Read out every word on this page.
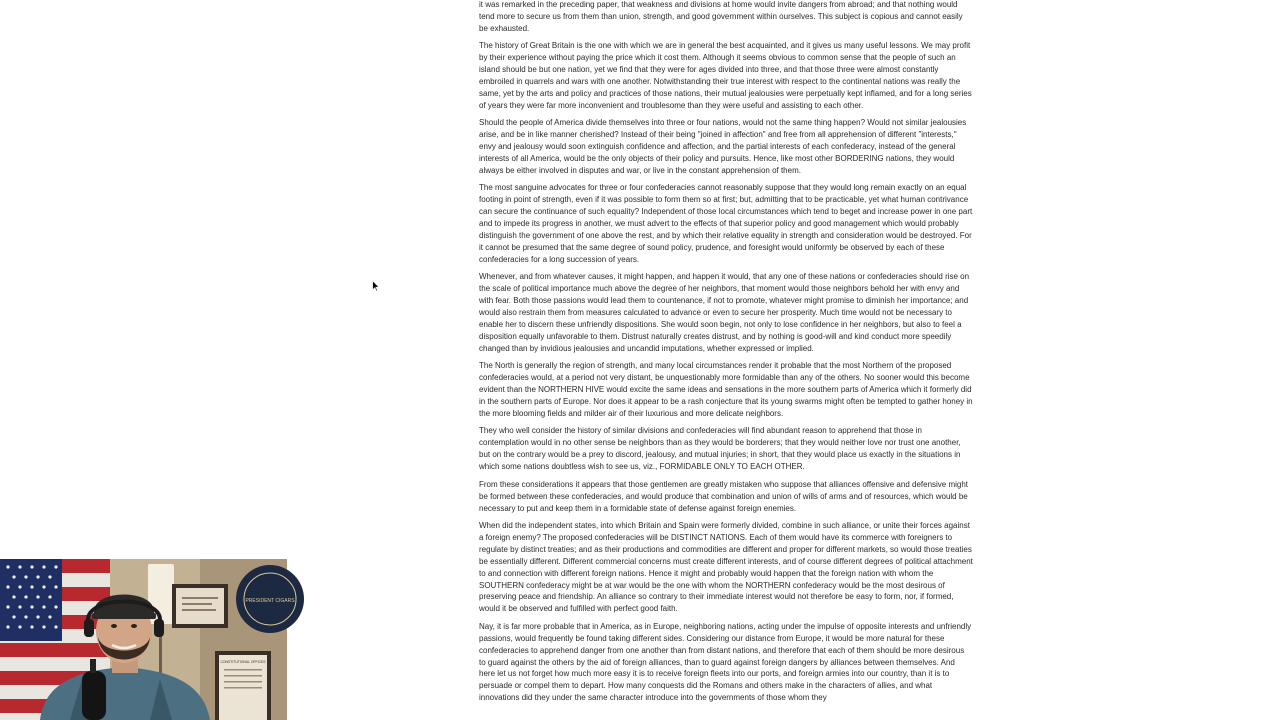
it was remarked in the preceding paper, that weakness and divisions at home would invite dangers from abroad; and that nothing would tend more to secure us from them than union, strength, and good government within ourselves. This subject is copious and cannot easily be exhausted.

The history of Great Britain is the one with which we are in general the best acquainted, and it gives us many useful lessons. We may profit by their experience without paying the price which it cost them. Although it seems obvious to common sense that the people of such an island should be but one nation, yet we find that they were for ages divided into three, and that those three were almost constantly embroiled in quarrels and wars with one another. Notwithstanding their true interest with respect to the continental nations was really the same, yet by the arts and policy and practices of those nations, their mutual jealousies were perpetually kept inflamed, and for a long series of years they were far more inconvenient and troublesome than they were useful and assisting to each other.

Should the people of America divide themselves into three or four nations, would not the same thing happen? Would not similar jealousies arise, and be in like manner cherished? Instead of their being "joined in affection" and free from all apprehension of different "interests," envy and jealousy would soon extinguish confidence and affection, and the partial interests of each confederacy, instead of the general interests of all America, would be the only objects of their policy and pursuits. Hence, like most other BORDERING nations, they would always be either involved in disputes and war, or live in the constant apprehension of them.

The most sanguine advocates for three or four confederacies cannot reasonably suppose that they would long remain exactly on an equal footing in point of strength, even if it was possible to form them so at first; but, admitting that to be practicable, yet what human contrivance can secure the continuance of such equality? Independent of those local circumstances which tend to beget and increase power in one part and to impede its progress in another, we must advert to the effects of that superior policy and good management which would probably distinguish the government of one above the rest, and by which their relative equality in strength and consideration would be destroyed. For it cannot be presumed that the same degree of sound policy, prudence, and foresight would uniformly be observed by each of these confederacies for a long succession of years.

Whenever, and from whatever causes, it might happen, and happen it would, that any one of these nations or confederacies should rise on the scale of political importance much above the degree of her neighbors, that moment would those neighbors behold her with envy and with fear. Both those passions would lead them to countenance, if not to promote, whatever might promise to diminish her importance; and would also restrain them from measures calculated to advance or even to secure her prosperity. Much time would not be necessary to enable her to discern these unfriendly dispositions. She would soon begin, not only to lose confidence in her neighbors, but also to feel a disposition equally unfavorable to them. Distrust naturally creates distrust, and by nothing is good-will and kind conduct more speedily changed than by invidious jealousies and uncandid imputations, whether expressed or implied.

The North is generally the region of strength, and many local circumstances render it probable that the most Northern of the proposed confederacies would, at a period not very distant, be unquestionably more formidable than any of the others. No sooner would this become evident than the NORTHERN HIVE would excite the same ideas and sensations in the more southern parts of America which it formerly did in the southern parts of Europe. Nor does it appear to be a rash conjecture that its young swarms might often be tempted to gather honey in the more blooming fields and milder air of their luxurious and more delicate neighbors.

They who well consider the history of similar divisions and confederacies will find abundant reason to apprehend that those in contemplation would in no other sense be neighbors than as they would be borderers; that they would neither love nor trust one another, but on the contrary would be a prey to discord, jealousy, and mutual injuries; in short, that they would place us exactly in the situations in which some nations doubtless wish to see us, viz., FORMIDABLE ONLY TO EACH OTHER.

From these considerations it appears that those gentlemen are greatly mistaken who suppose that alliances offensive and defensive might be formed between these confederacies, and would produce that combination and union of wills of arms and of resources, which would be necessary to put and keep them in a formidable state of defense against foreign enemies.

When did the independent states, into which Britain and Spain were formerly divided, combine in such alliance, or unite their forces against a foreign enemy? The proposed confederacies will be DISTINCT NATIONS. Each of them would have its commerce with foreigners to regulate by distinct treaties; and as their productions and commodities are different and proper for different markets, so would those treaties be essentially different. Different commercial concerns must create different interests, and of course different degrees of political attachment to and connection with different foreign nations. Hence it might and probably would happen that the foreign nation with whom the SOUTHERN confederacy might be at war would be the one with whom the NORTHERN confederacy would be the most desirous of preserving peace and friendship. An alliance so contrary to their immediate interest would not therefore be easy to form, nor, if formed, would it be observed and fulfilled with perfect good faith.

Nay, it is far more probable that in America, as in Europe, neighboring nations, acting under the impulse of opposite interests and unfriendly passions, would frequently be found taking different sides. Considering our distance from Europe, it would be more natural for these confederacies to apprehend danger from one another than from distant nations, and therefore that each of them should be more desirous to guard against the others by the aid of foreign alliances, than to guard against foreign dangers by alliances between themselves. And here let us not forget how much more easy it is to receive foreign fleets into our ports, and foreign armies into our country, than it is to persuade or compel them to depart. How many conquests did the Romans and others make in the characters of allies, and what innovations did they under the same character introduce into the governments of those whom they

CONSTITUTIONAL OFFICES
PRESIDENT CIGARS
